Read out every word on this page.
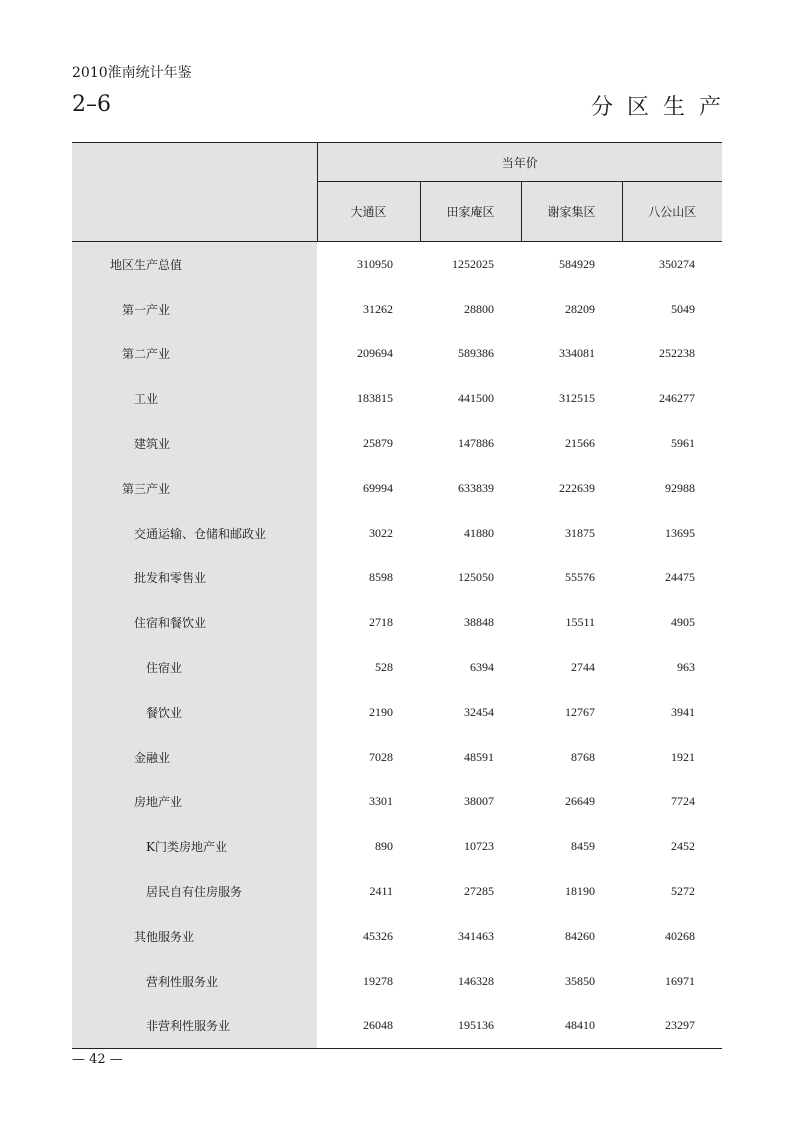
2010淮南统计年鉴
2–6	分区生产
	当年价			
	大通区	田家庵区	谢家集区	八公山区
地区生产总值	310950	1252025	584929	350274
第一产业	31262	28800	28209	5049
第二产业	209694	589386	334081	252238
工业	183815	441500	312515	246277
建筑业	25879	147886	21566	5961
第三产业	69994	633839	222639	92988
交通运输、仓储和邮政业	3022	41880	31875	13695
批发和零售业	8598	125050	55576	24475
住宿和餐饮业	2718	38848	15511	4905
住宿业	528	6394	2744	963
餐饮业	2190	32454	12767	3941
金融业	7028	48591	8768	1921
房地产业	3301	38007	26649	7724
K门类房地产业	890	10723	8459	2452
居民自有住房服务	2411	27285	18190	5272
其他服务业	45326	341463	84260	40268
营利性服务业	19278	146328	35850	16971
非营利性服务业	26048	195136	48410	23297
— 42 —
